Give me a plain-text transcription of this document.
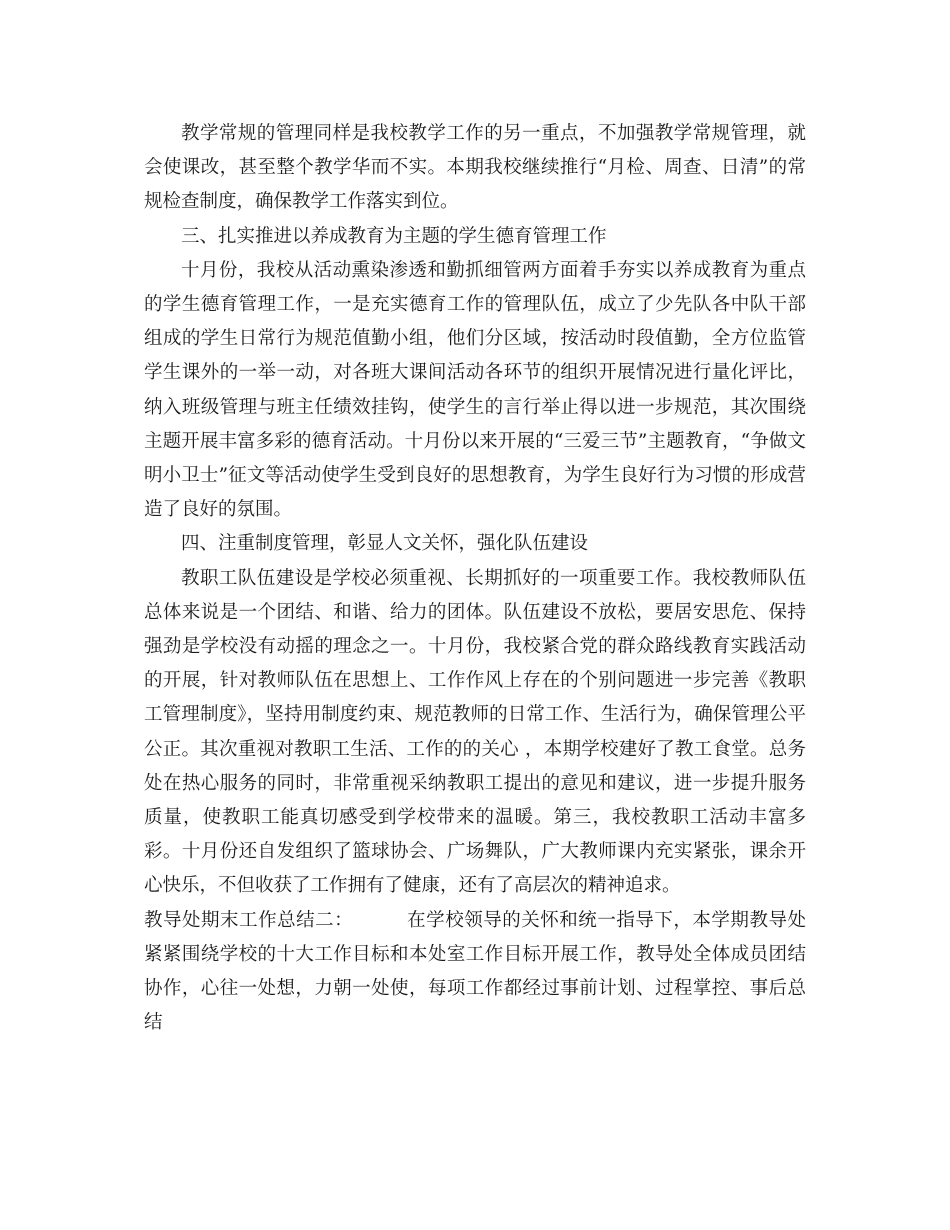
教学常规的管理同样是我校教学工作的另一重点，不加强教学常规管理，就会使课改，甚至整个教学华而不实。本期我校继续推行“月检、周查、日清”的常规检查制度，确保教学工作落实到位。

三、扎实推进以养成教育为主题的学生德育管理工作

十月份，我校从活动熏染渗透和勤抓细管两方面着手夯实以养成教育为重点的学生德育管理工作，一是充实德育工作的管理队伍，成立了少先队各中队干部组成的学生日常行为规范值勤小组，他们分区域，按活动时段值勤，全方位监管学生课外的一举一动，对各班大课间活动各环节的组织开展情况进行量化评比，纳入班级管理与班主任绩效挂钩，使学生的言行举止得以进一步规范，其次围绕主题开展丰富多彩的德育活动。十月份以来开展的“三爱三节”主题教育，“争做文明小卫士”征文等活动使学生受到良好的思想教育，为学生良好行为习惯的形成营造了良好的氛围。

四、注重制度管理，彰显人文关怀，强化队伍建设

教职工队伍建设是学校必须重视、长期抓好的一项重要工作。我校教师队伍总体来说是一个团结、和谐、给力的团体。队伍建设不放松，要居安思危、保持强劲是学校没有动摇的理念之一。十月份，我校紧合党的群众路线教育实践活动的开展，针对教师队伍在思想上、工作作风上存在的个别问题进一步完善《教职工管理制度》，坚持用制度约束、规范教师的日常工作、生活行为，确保管理公平公正。其次重视对教职工生活、工作的的关心 ，本期学校建好了教工食堂。总务处在热心服务的同时，非常重视采纳教职工提出的意见和建议，进一步提升服务质量，使教职工能真切感受到学校带来的温暖。第三，我校教职工活动丰富多彩。十月份还自发组织了篮球协会、广场舞队，广大教师课内充实紧张，课余开心快乐，不但收获了工作拥有了健康，还有了高层次的精神追求。

教导处期末工作总结二：	在学校领导的关怀和统一指导下，本学期教导处紧紧围绕学校的十大工作目标和本处室工作目标开展工作，教导处全体成员团结协作，心往一处想，力朝一处使，每项工作都经过事前计划、过程掌控、事后总结
